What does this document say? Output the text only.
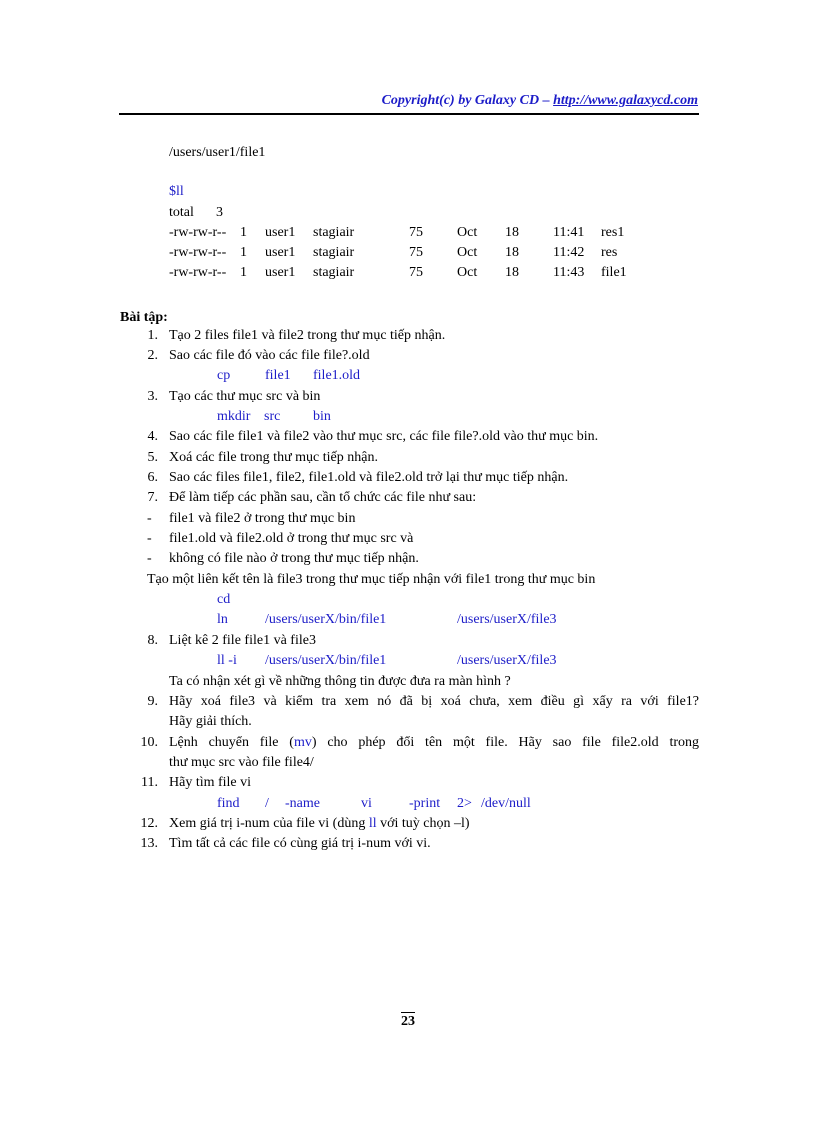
Copyright(c) by Galaxy CD – http://www.galaxycd.com
/users/user1/file1
$ll
total 3
-rw-rw-r-- 1 user1 stagiair	75 Oct 18 11:41 res1
-rw-rw-r-- 1 user1 stagiair	75 Oct 18 11:42 res
-rw-rw-r-- 1 user1 stagiair	75 Oct 18 11:43 file1
Bài tập:
1. Tạo 2 files file1 và file2 trong thư mục tiếp nhận.
2. Sao các file đó vào các file file?.old
cp file1 file1.old
3. Tạo các thư mục src và bin
mkdir src bin
4. Sao các file file1 và file2 vào thư mục src, các file file?.old vào thư mục bin.
5. Xoá các file trong thư mục tiếp nhận.
6. Sao các files file1, file2, file1.old và file2.old trở lại thư mục tiếp nhận.
7. Để làm tiếp các phần sau, cần tổ chức các file như sau:
- file1 và file2 ở trong thư mục bin
- file1.old và file2.old ở trong thư mục src và
- không có file nào ở trong thư mục tiếp nhận.
Tạo một liên kết tên là file3 trong thư mục tiếp nhận với file1 trong thư mục bin
cd
ln	/users/userX/bin/file1	/users/userX/file3
8. Liệt kê 2 file file1 và file3
ll -i /users/userX/bin/file1	/users/userX/file3
Ta có nhận xét gì về những thông tin được đưa ra màn hình ?
9. Hãy xoá file3 và kiểm tra xem nó đã bị xoá chưa, xem điều gì xẩy ra với file1?
Hãy giải thích.
10. Lệnh chuyển file (mv) cho phép đổi tên một file. Hãy sao file file2.old trong
thư mục src vào file file4/
11. Hãy tìm file vi
find / -name	vi	-print 2> /dev/null
12. Xem giá trị i-num của file vi (dùng ll với tuỳ chọn –l)
13. Tìm tất cả các file có cùng giá trị i-num với vi.
23
